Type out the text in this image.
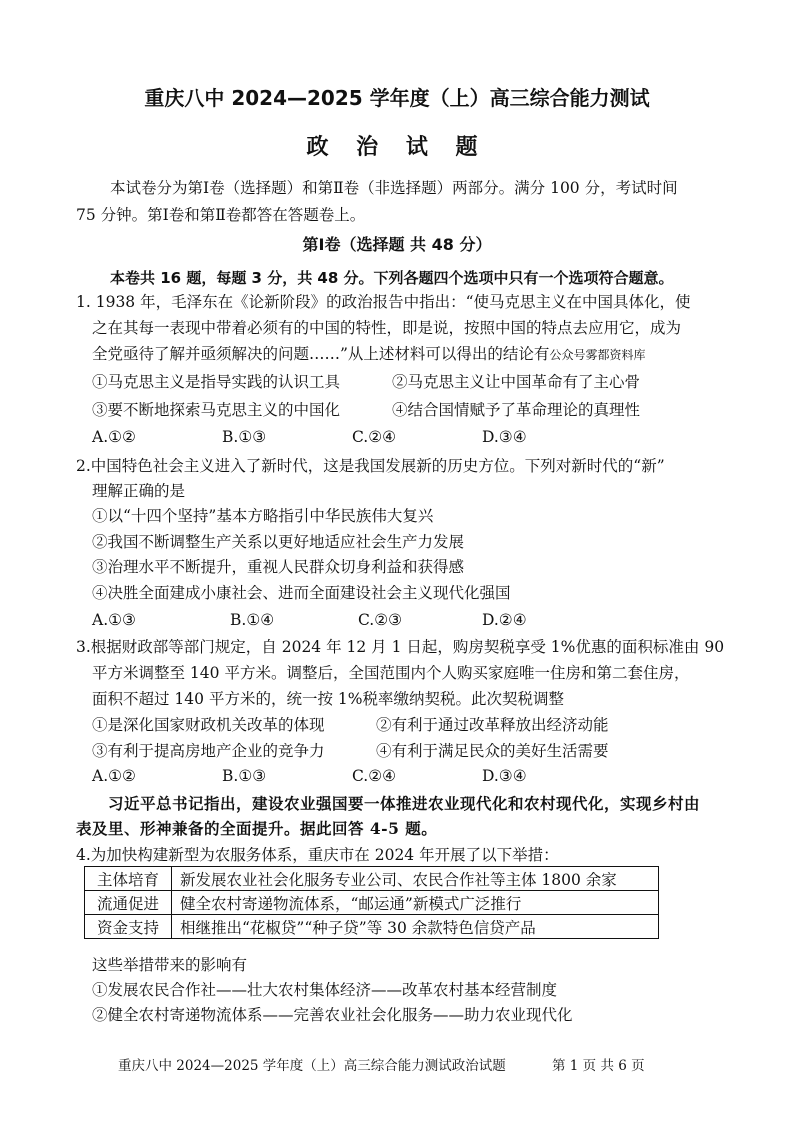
重庆八中 2024—2025 学年度（上）高三综合能力测试
政 治 试 题
本试卷分为第Ⅰ卷（选择题）和第Ⅱ卷（非选择题）两部分。满分 100 分，考试时间
75 分钟。第Ⅰ卷和第Ⅱ卷都答在答题卷上。
第Ⅰ卷（选择题 共 48 分）
本卷共 16 题，每题 3 分，共 48 分。下列各题四个选项中只有一个选项符合题意。
1. 1938 年，毛泽东在《论新阶段》的政治报告中指出：“使马克思主义在中国具体化，使
之在其每一表现中带着必须有的中国的特性，即是说，按照中国的特点去应用它，成为
全党亟待了解并亟须解决的问题……”从上述材料可以得出的结论有公众号雾都资料库
①马克思主义是指导实践的认识工具	②马克思主义让中国革命有了主心骨
③要不断地探索马克思主义的中国化	④结合国情赋予了革命理论的真理性
A.①②	B.①③	C.②④	D.③④
2.中国特色社会主义进入了新时代，这是我国发展新的历史方位。下列对新时代的“新”
理解正确的是
①以“十四个坚持”基本方略指引中华民族伟大复兴
②我国不断调整生产关系以更好地适应社会生产力发展
③治理水平不断提升，重视人民群众切身利益和获得感
④决胜全面建成小康社会、进而全面建设社会主义现代化强国
A.①③	B.①④	C.②③	D.②④
3.根据财政部等部门规定，自 2024 年 12 月 1 日起，购房契税享受 1%优惠的面积标准由 90
平方米调整至 140 平方米。调整后，全国范围内个人购买家庭唯一住房和第二套住房，
面积不超过 140 平方米的，统一按 1%税率缴纳契税。此次契税调整
①是深化国家财政机关改革的体现	②有利于通过改革释放出经济动能
③有利于提高房地产企业的竞争力	④有利于满足民众的美好生活需要
A.①②	B.①③	C.②④	D.③④
习近平总书记指出，建设农业强国要一体推进农业现代化和农村现代化，实现乡村由
表及里、形神兼备的全面提升。据此回答 4-5 题。
4.为加快构建新型为农服务体系，重庆市在 2024 年开展了以下举措：
主体培育	新发展农业社会化服务专业公司、农民合作社等主体 1800 余家
流通促进	健全农村寄递物流体系，“邮运通”新模式广泛推行
资金支持	相继推出“花椒贷”“种子贷”等 30 余款特色信贷产品
这些举措带来的影响有
①发展农民合作社——壮大农村集体经济——改革农村基本经营制度
②健全农村寄递物流体系——完善农业社会化服务——助力农业现代化
重庆八中 2024—2025 学年度（上）高三综合能力测试政治试题	第 1 页 共 6 页
